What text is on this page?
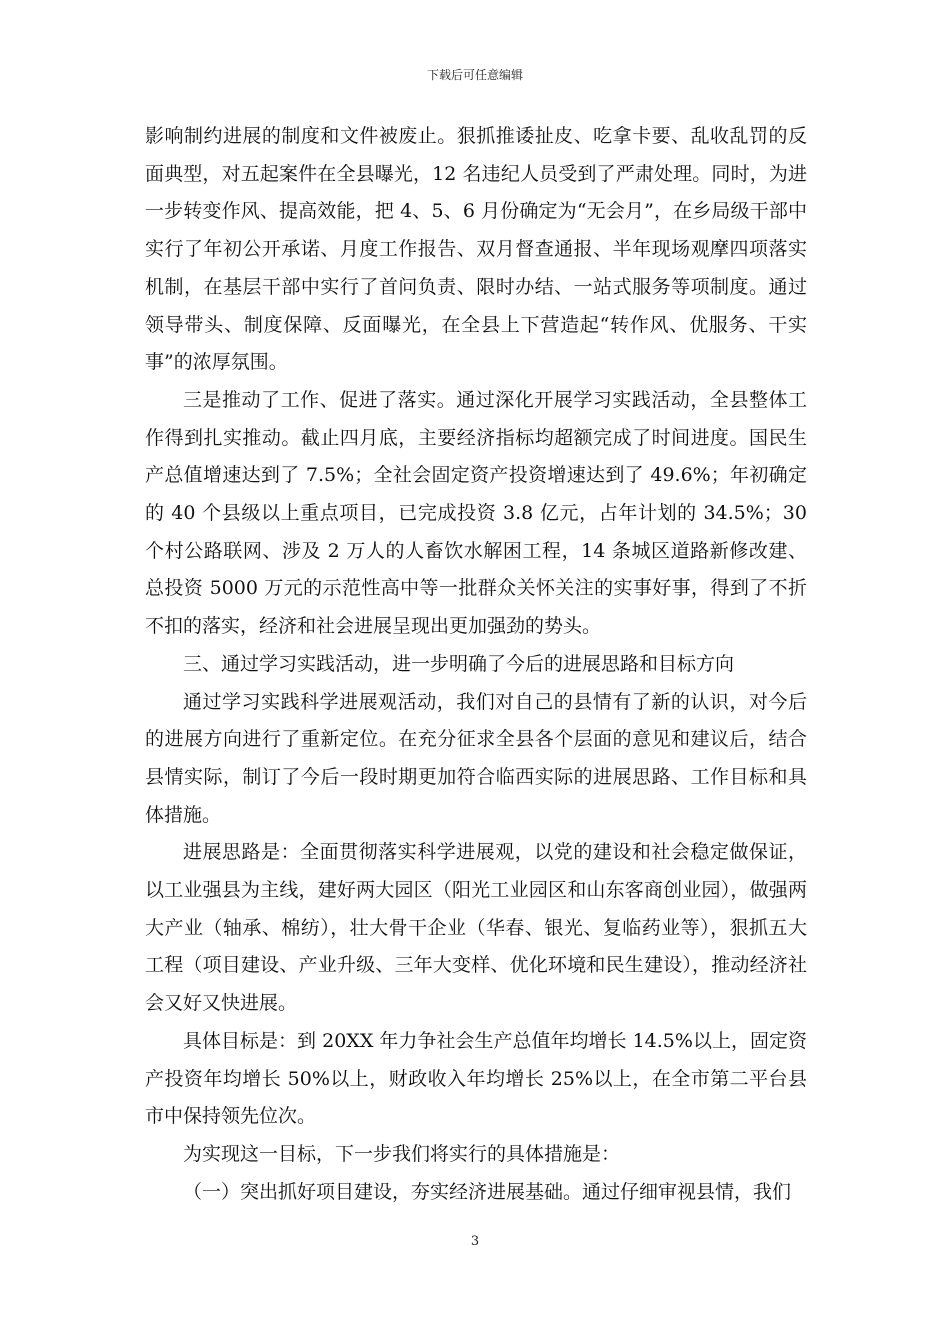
下载后可任意编辑

影响制约进展的制度和文件被废止。狠抓推诿扯皮、吃拿卡要、乱收乱罚的反面典型，对五起案件在全县曝光，12 名违纪人员受到了严肃处理。同时，为进一步转变作风、提高效能，把 4、5、6 月份确定为“无会月”，在乡局级干部中实行了年初公开承诺、月度工作报告、双月督查通报、半年现场观摩四项落实机制，在基层干部中实行了首问负责、限时办结、一站式服务等项制度。通过领导带头、制度保障、反面曝光，在全县上下营造起“转作风、优服务、干实事”的浓厚氛围。

三是推动了工作、促进了落实。通过深化开展学习实践活动，全县整体工作得到扎实推动。截止四月底，主要经济指标均超额完成了时间进度。国民生产总值增速达到了 7.5%；全社会固定资产投资增速达到了 49.6%；年初确定的 40 个县级以上重点项目，已完成投资 3.8 亿元，占年计划的 34.5%；30 个村公路联网、涉及 2 万人的人畜饮水解困工程，14 条城区道路新修改建、总投资 5000 万元的示范性高中等一批群众关怀关注的实事好事，得到了不折不扣的落实，经济和社会进展呈现出更加强劲的势头。

三、通过学习实践活动，进一步明确了今后的进展思路和目标方向

通过学习实践科学进展观活动，我们对自己的县情有了新的认识，对今后的进展方向进行了重新定位。在充分征求全县各个层面的意见和建议后，结合县情实际，制订了今后一段时期更加符合临西实际的进展思路、工作目标和具体措施。

进展思路是：全面贯彻落实科学进展观，以党的建设和社会稳定做保证，以工业强县为主线，建好两大园区（阳光工业园区和山东客商创业园），做强两大产业（轴承、棉纺），壮大骨干企业（华春、银光、复临药业等），狠抓五大工程（项目建设、产业升级、三年大变样、优化环境和民生建设），推动经济社会又好又快进展。

具体目标是：到 20XX 年力争社会生产总值年均增长 14.5%以上，固定资产投资年均增长 50%以上，财政收入年均增长 25%以上，在全市第二平台县市中保持领先位次。

为实现这一目标，下一步我们将实行的具体措施是：

（一）突出抓好项目建设，夯实经济进展基础。通过仔细审视县情，我们

3
